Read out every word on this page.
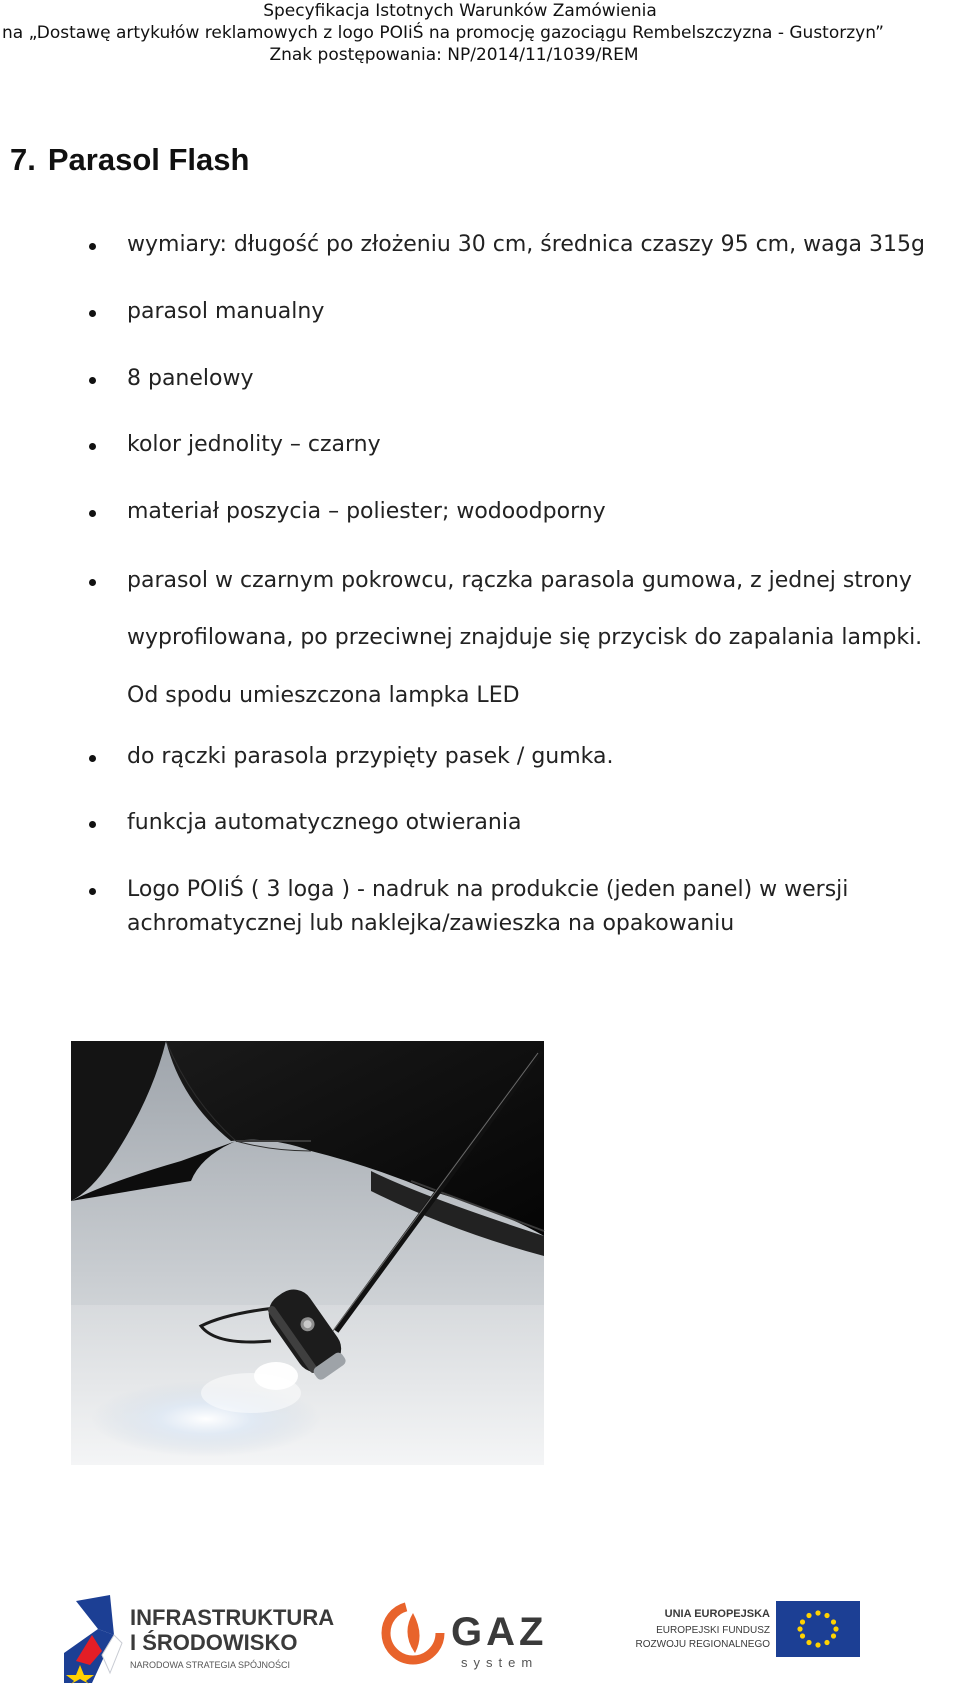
Specyfikacja Istotnych Warunków Zamówienia
na „Dostawę artykułów reklamowych z logo POIiŚ na promocję gazociągu Rembelszczyzna - Gustorzyn”
Znak postępowania: NP/2014/11/1039/REM
7. Parasol Flash
wymiary: długość po złożeniu 30 cm, średnica czaszy 95 cm, waga 315g
parasol manualny
8 panelowy
kolor jednolity – czarny
materiał poszycia – poliester; wodoodporny
parasol w czarnym pokrowcu, rączka parasola gumowa, z jednej strony
wyprofilowana, po przeciwnej znajduje się przycisk do zapalania lampki.
Od spodu umieszczona lampka LED
do rączki parasola przypięty pasek / gumka.
funkcja automatycznego otwierania
Logo POIiŚ ( 3 loga ) - nadruk na produkcie (jeden panel) w wersji
achromatycznej lub naklejka/zawieszka na opakowaniu
INFRASTRUKTURA
I ŚRODOWISKO
NARODOWA STRATEGIA SPÓJNOŚCI
GAZ
system
UNIA EUROPEJSKA
EUROPEJSKI FUNDUSZ
ROZWOJU REGIONALNEGO
